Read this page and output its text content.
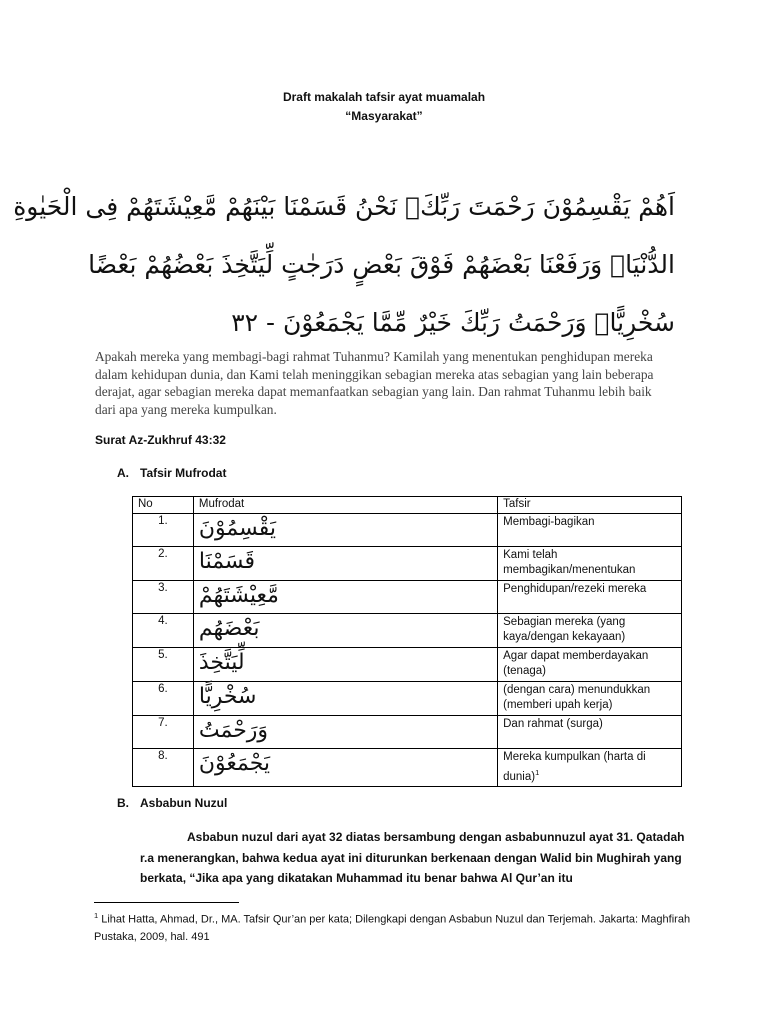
Draft makalah tafsir ayat muamalah
“Masyarakat”
اَهُمْ يَقْسِمُوْنَ رَحْمَتَ رَبِّكَۗ نَحْنُ قَسَمْنَا بَيْنَهُمْ مَّعِيْشَتَهُمْ فِى الْحَيٰوةِ
الدُّنْيَاۙ وَرَفَعْنَا بَعْضَهُمْ فَوْقَ بَعْضٍ دَرَجٰتٍ لِّيَتَّخِذَ بَعْضُهُمْ بَعْضًا
سُخْرِيًّاۗ وَرَحْمَتُ رَبِّكَ خَيْرٌ مِّمَّا يَجْمَعُوْنَ - ٣٢
Apakah mereka yang membagi-bagi rahmat Tuhanmu? Kamilah yang menentukan penghidupan mereka dalam kehidupan dunia, dan Kami telah meninggikan sebagian mereka atas sebagian yang lain beberapa derajat, agar sebagian mereka dapat memanfaatkan sebagian yang lain. Dan rahmat Tuhanmu lebih baik dari apa yang mereka kumpulkan.
Surat Az-Zukhruf 43:32
A. Tafsir Mufrodat
No	Mufrodat	Tafsir
1.	يَقْسِمُوْنَ	Membagi-bagikan
2.	قَسَمْنَا	Kami telah membagikan/menentukan
3.	مَّعِيْشَتَهُمْ	Penghidupan/rezeki mereka
4.	بَعْضَهُم	Sebagian mereka (yang kaya/dengan kekayaan)
5.	لِّيَتَّخِذَ	Agar dapat memberdayakan (tenaga)
6.	سُخْرِيًّا	(dengan cara) menundukkan (memberi upah kerja)
7.	وَرَحْمَتُ	Dan rahmat (surga)
8.	يَجْمَعُوْنَ	Mereka kumpulkan (harta di dunia)$^1$
B. Asbabun Nuzul
Asbabun nuzul dari ayat 32 diatas bersambung dengan asbabunnuzul ayat 31. Qatadah r.a menerangkan, bahwa kedua ayat ini diturunkan berkenaan dengan Walid bin Mughirah yang berkata, “Jika apa yang dikatakan Muhammad itu benar bahwa Al Qur’an itu
$^1$ Lihat Hatta, Ahmad, Dr., MA. Tafsir Qur’an per kata; Dilengkapi dengan Asbabun Nuzul dan Terjemah. Jakarta: Maghfirah Pustaka, 2009, hal. 491
